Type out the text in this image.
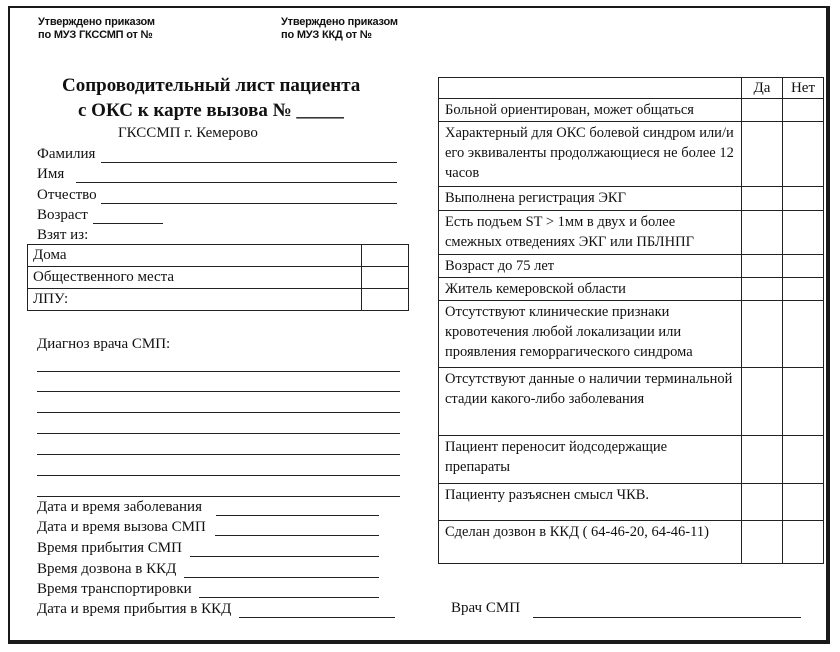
Утверждено приказом
по МУЗ ГКССМП от №
Утверждено приказом
по МУЗ ККД от №
Сопроводительный лист пациента
с ОКС к карте вызова № _____
ГКССМП г. Кемерово
Фамилия
Имя
Отчество
Возраст
Взят из:
Дома	
Общественного места	
ЛПУ:	
Диагноз врача СМП:
Дата и время заболевания
Дата и время вызова СМП
Время прибытия СМП
Время дозвона в ККД
Время транспортировки
Дата и время прибытия в ККД
	Да	Нет
Больной ориентирован, может общаться		
Характерный для ОКС болевой синдром или/и его эквиваленты продолжающиеся не более 12 часов		
Выполнена регистрация ЭКГ		
Есть подъем ST > 1мм в двух и более смежных отведениях ЭКГ или ПБЛНПГ		
Возраст до 75 лет		
Житель кемеровской области		
Отсутствуют клинические признаки кровотечения любой локализации или проявления геморрагического синдрома		
Отсутствуют данные о наличии терминальной стадии какого-либо заболевания		
Пациент переносит йодсодержащие препараты		
Пациенту разъяснен смысл ЧКВ.		
Сделан дозвон в ККД ( 64-46-20, 64-46-11)		
Врач СМП
